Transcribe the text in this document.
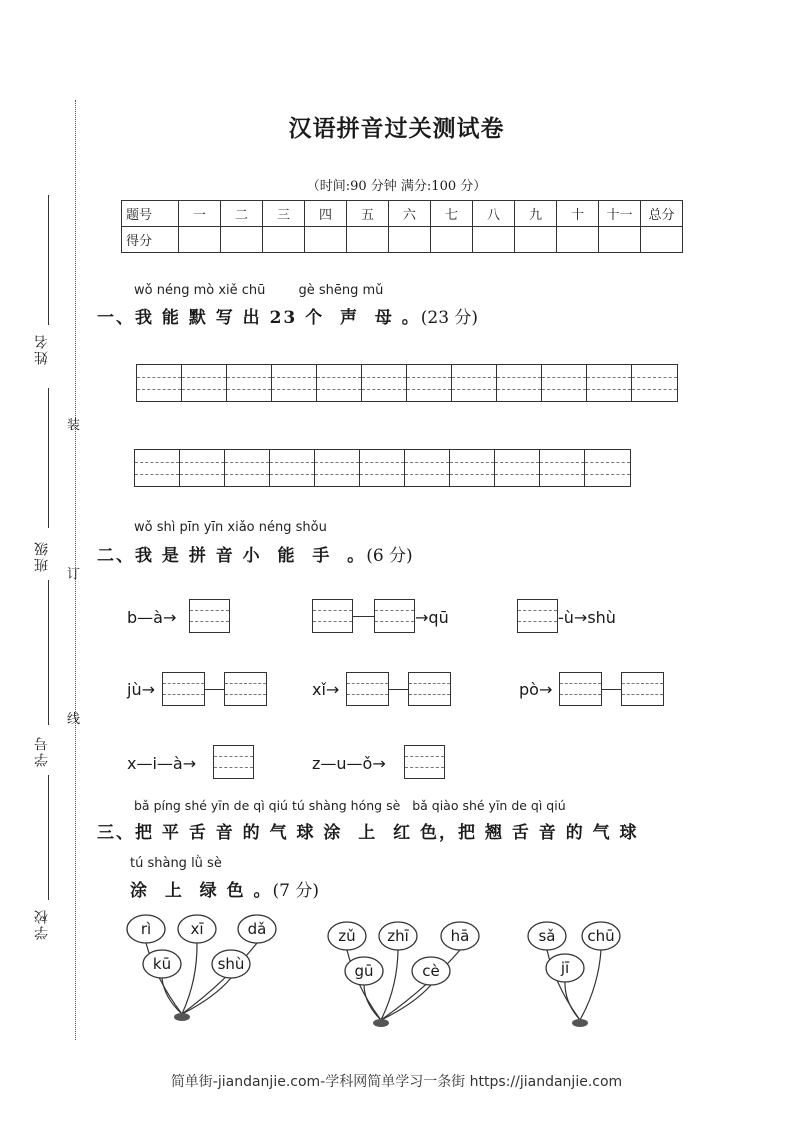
姓名
班级
学号
学校
装
订
线
汉语拼音过关测试卷
（时间:90 分钟 满分:100 分）
题号	一	二	三	四	五	六	七	八	九	十	十一	总分
得分												
wǒ néng mò xiě chū        gè shēng mǔ
一、我 能 默 写 出 23 个  声  母 。(23 分)
wǒ shì pīn yīn xiǎo néng shǒu
二、我 是 拼 音 小  能  手  。(6 分)
b—à→	→qū	-ù→shù
jù→	xǐ→	pò→
x—i—à→	z—u—ǒ→
bǎ píng shé yīn de qì qiú tú shàng hóng sè   bǎ qiào shé yīn de qì qiú
三、把 平 舌 音 的 气 球 涂  上  红 色，把 翘 舌 音 的 气 球
tú shàng lǜ sè
涂  上  绿 色 。(7 分)
rì	xī	dǎ
kū	shù
zǔ zhī	hā
gū	cè
sǎ chū
jī
简单街-jiandanjie.com-学科网简单学习一条街 https://jiandanjie.com
